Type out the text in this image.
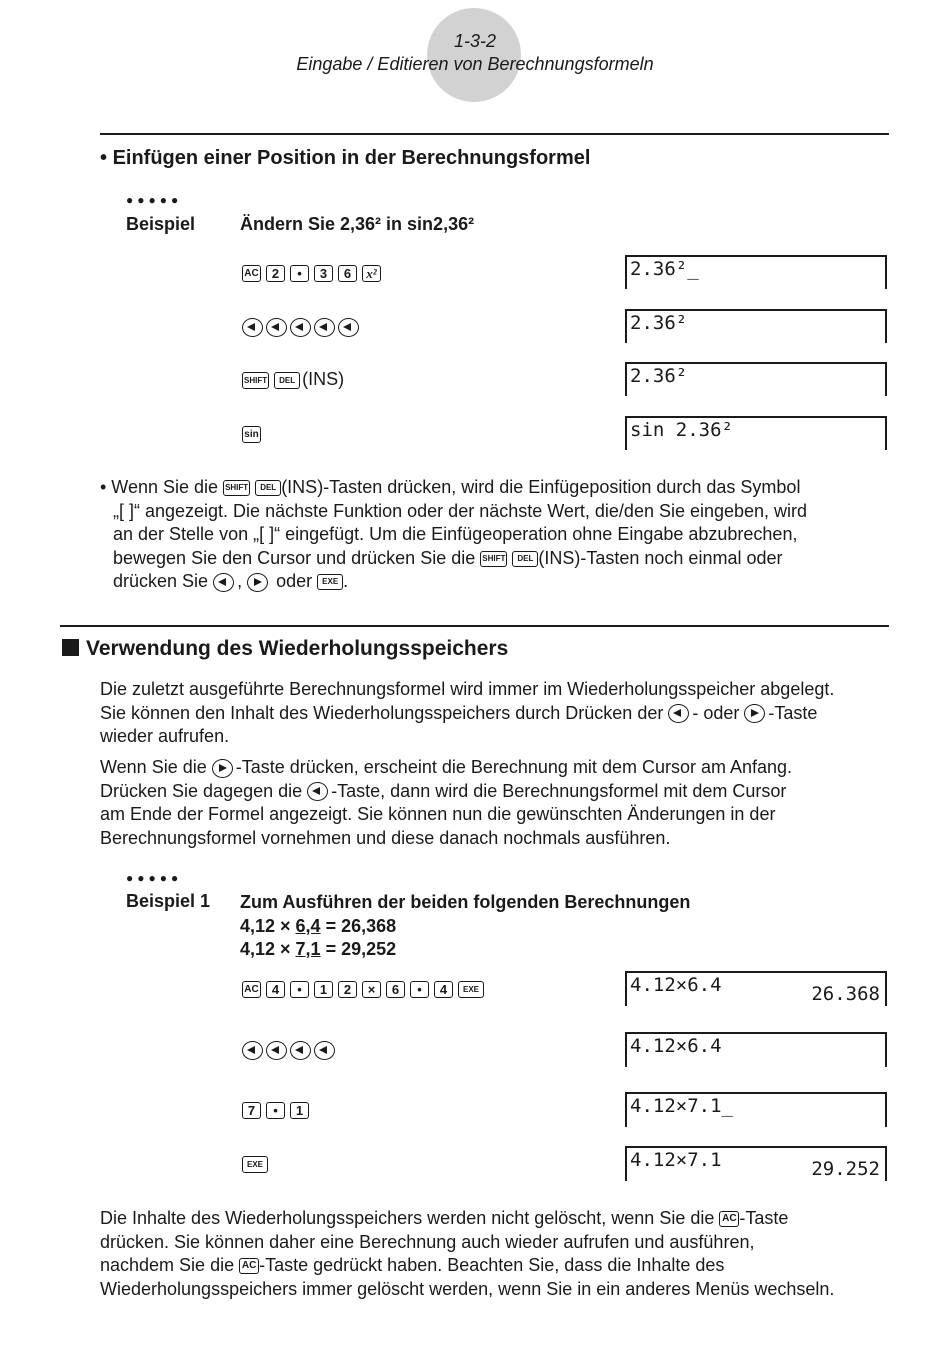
1-3-2
Eingabe / Editieren von Berechnungsformeln
• Einfügen einer Position in der Berechnungsformel
●●●●●
Beispiel Ändern Sie 2,36² in sin2,36²
AC 2 • 3 6 x²
SHIFT DEL (INS)
sin
2.36²_
2.36²
2.36²
sin 2.36²
• Wenn Sie die SHIFT DEL (INS)-Tasten drücken, wird die Einfügeposition durch das Symbol
„[ ]“ angezeigt. Die nächste Funktion oder der nächste Wert, die/den Sie eingeben, wird
an der Stelle von „[ ]“ eingefügt. Um die Einfügeoperation ohne Eingabe abzubrechen,
bewegen Sie den Cursor und drücken Sie die SHIFT DEL (INS)-Tasten noch einmal oder
drücken Sie , oder EXE .
Verwendung des Wiederholungsspeichers
Die zuletzt ausgeführte Berechnungsformel wird immer im Wiederholungsspeicher abgelegt.
Sie können den Inhalt des Wiederholungsspeichers durch Drücken der - oder -Taste
wieder aufrufen.
Wenn Sie die -Taste drücken, erscheint die Berechnung mit dem Cursor am Anfang.
Drücken Sie dagegen die -Taste, dann wird die Berechnungsformel mit dem Cursor
am Ende der Formel angezeigt. Sie können nun die gewünschten Änderungen in der
Berechnungsformel vornehmen und diese danach nochmals ausführen.
●●●●●
Beispiel 1 Zum Ausführen der beiden folgenden Berechnungen
4,12 × 6,4 = 26,368
4,12 × 7,1 = 29,252
AC 4 • 1 2 × 6 • 4 EXE
7 • 1
EXE
4.12×6.4	26.368
4.12×6.4
4.12×7.1_
4.12×7.1	29.252
Die Inhalte des Wiederholungsspeichers werden nicht gelöscht, wenn Sie die AC -Taste
drücken. Sie können daher eine Berechnung auch wieder aufrufen und ausführen,
nachdem Sie die AC -Taste gedrückt haben. Beachten Sie, dass die Inhalte des
Wiederholungsspeichers immer gelöscht werden, wenn Sie in ein anderes Menüs wechseln.
